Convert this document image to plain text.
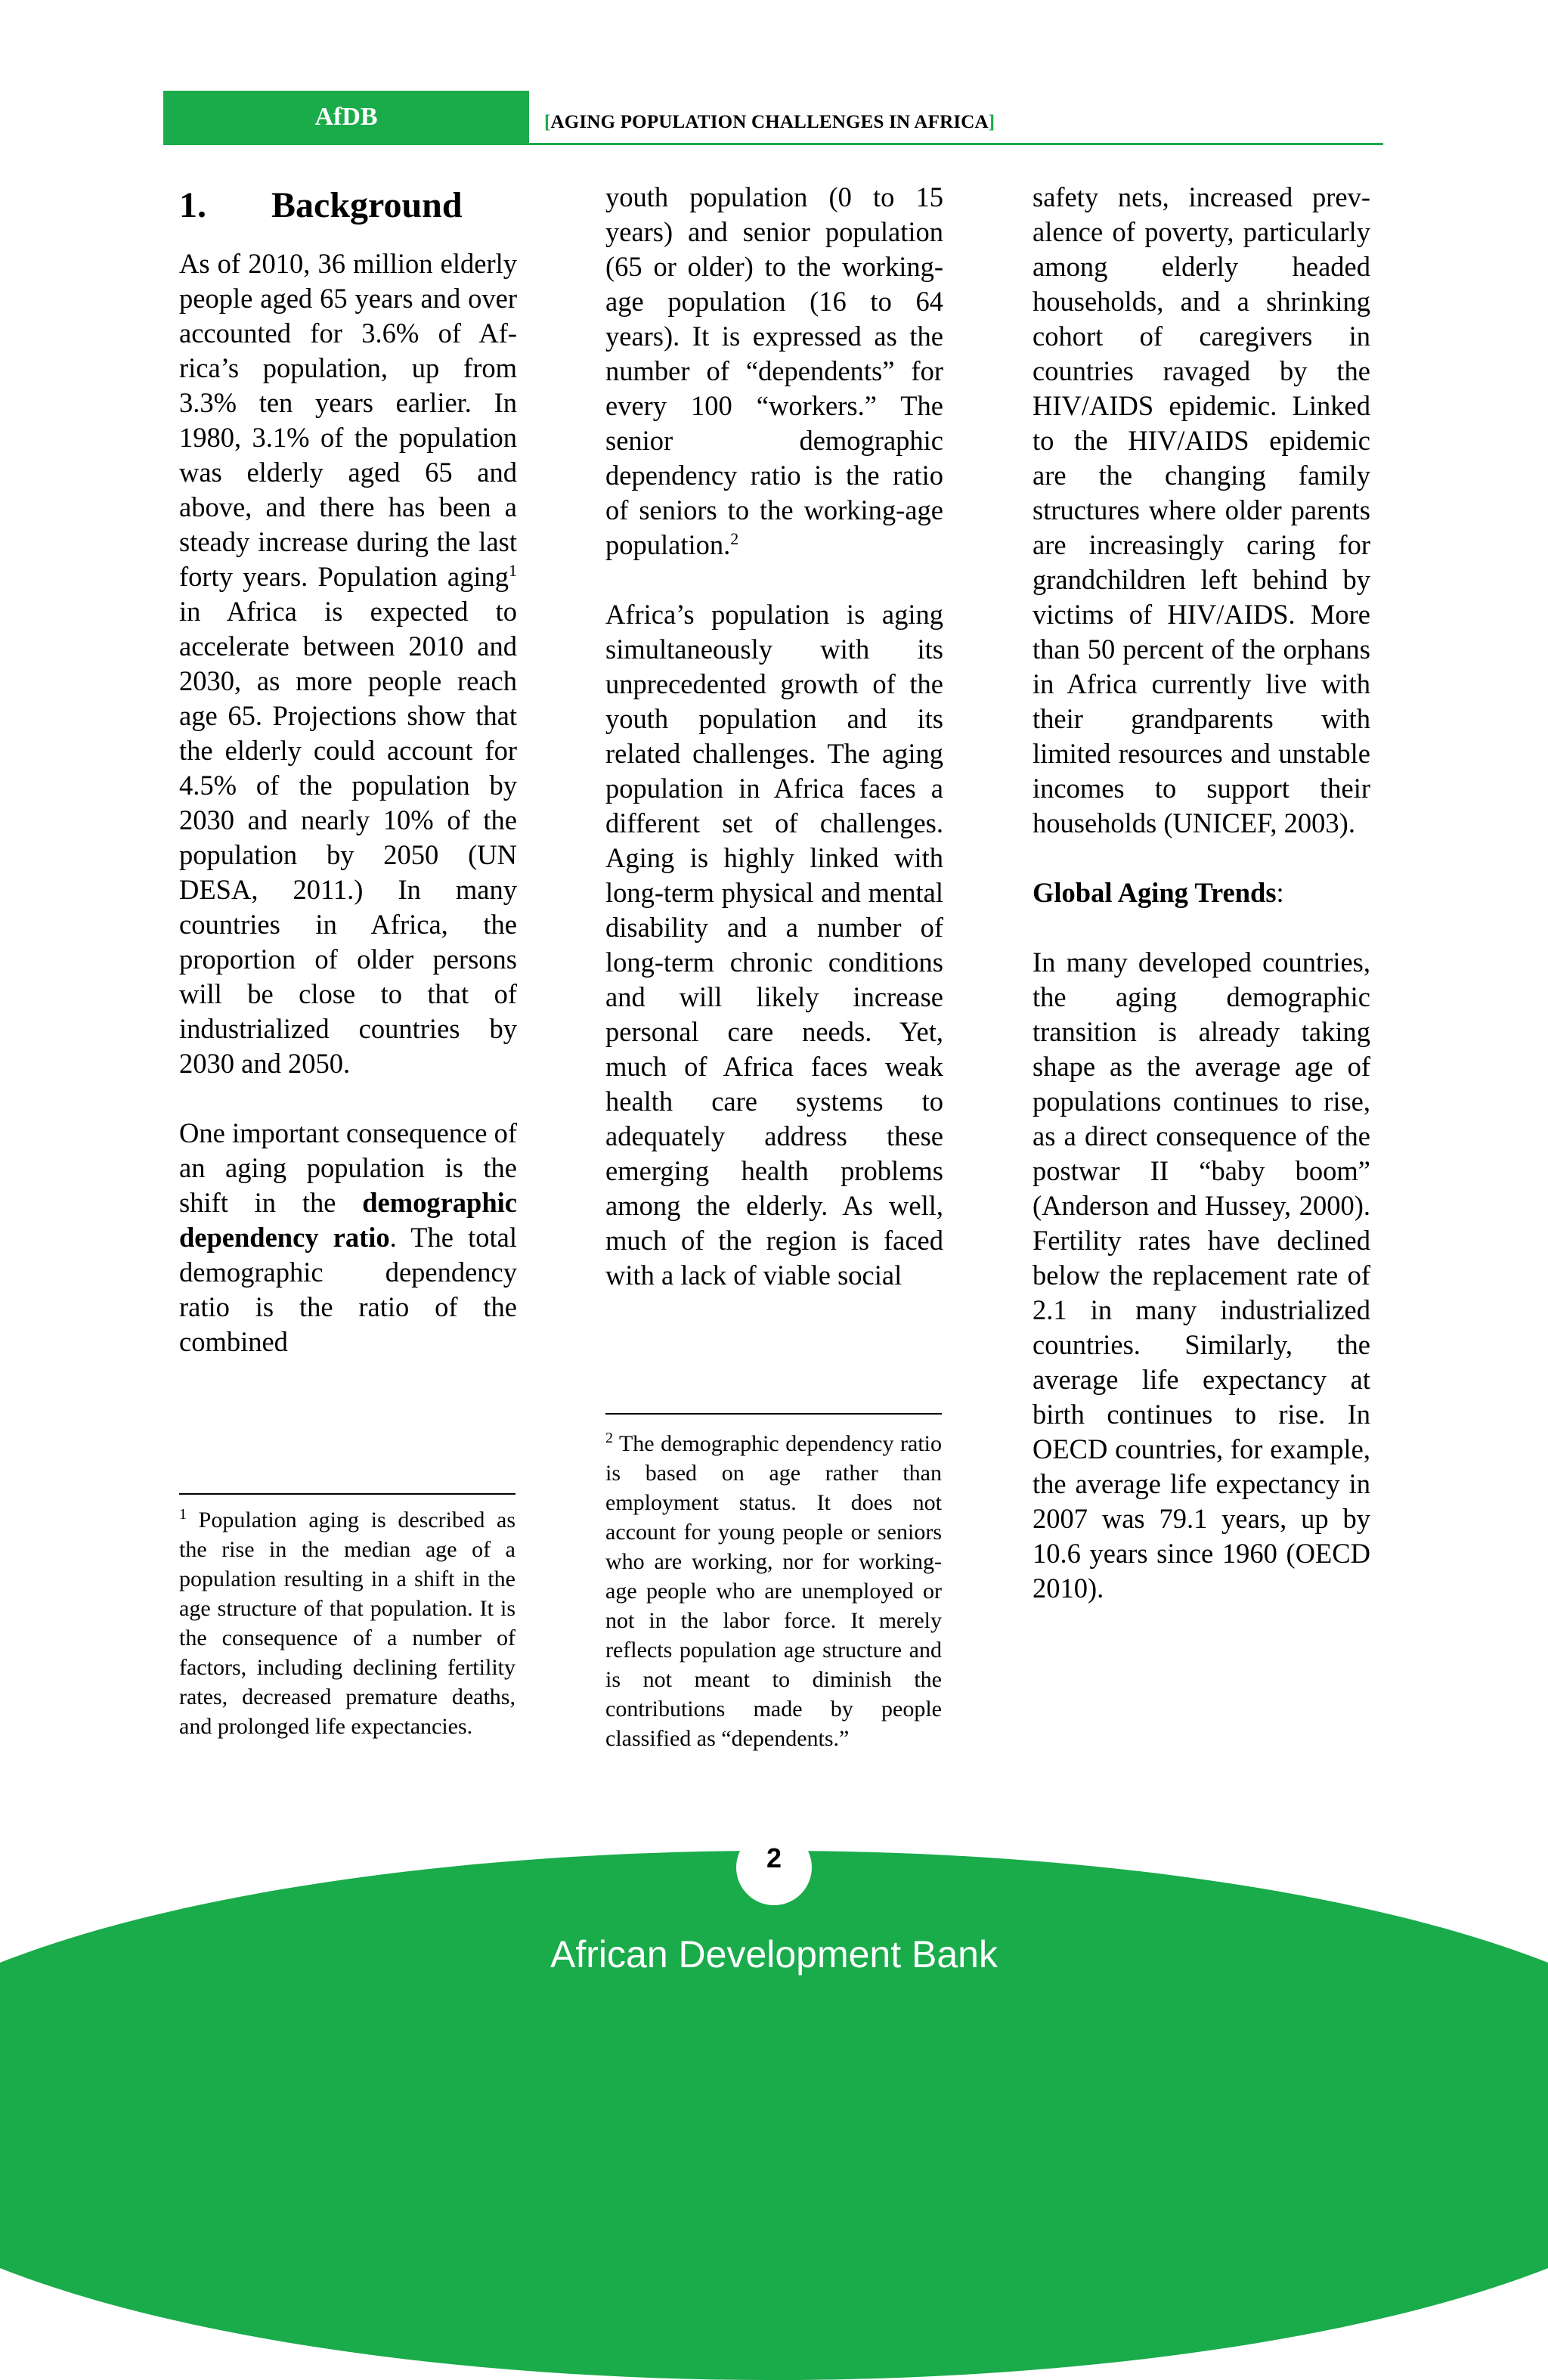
AfDB	[AGING POPULATION CHALLENGES IN AFRICA]
1. Background

As of 2010, 36 million elderly people aged 65 years and over accounted for 3.6% of Africa’s population, up from 3.3% ten years earlier. In 1980, 3.1% of the population was elderly aged 65 and above, and there has been a steady increase during the last forty years. Population aging$^1$ in Africa is expected to accelerate between 2010 and 2030, as more people reach age 65. Projections show that the elderly could account for 4.5% of the population by 2030 and nearly 10% of the population by 2050 (UN DESA, 2011.) In many countries in Africa, the proportion of older persons will be close to that of industrialized countries by 2030 and 2050.

One important consequence of an aging population is the shift in the demographic dependency ratio. The total demographic dependency ratio is the ratio of the combined

youth population (0 to 15 years) and senior population (65 or older) to the working-age population (16 to 64 years). It is expressed as the number of “dependents” for every 100 “workers.” The senior demographic dependency ratio is the ratio of seniors to the working-age population.$^2$

Africa’s population is aging simultaneously with its unprecedented growth of the youth population and its related challenges. The aging population in Africa faces a different set of challenges. Aging is highly linked with long-term physical and mental disability and a number of long-term chronic conditions and will likely increase personal care needs. Yet, much of Africa faces weak health care systems to adequately address these emerging health problems among the elderly. As well, much of the region is faced with a lack of viable social

safety nets, increased prevalence of poverty, particularly among elderly headed households, and a shrinking cohort of caregivers in countries ravaged by the HIV/AIDS epidemic. Linked to the HIV/AIDS epidemic are the changing family structures where older parents are increasingly caring for grandchildren left behind by victims of HIV/AIDS. More than 50 percent of the orphans in Africa currently live with their grandparents with limited resources and unstable incomes to support their households (UNICEF, 2003).

Global Aging Trends:

In many developed countries, the aging demographic transition is already taking shape as the average age of populations continues to rise, as a direct consequence of the postwar II “baby boom” (Anderson and Hussey, 2000). Fertility rates have declined below the replacement rate of 2.1 in many industrialized countries. Similarly, the average life expectancy at birth continues to rise. In OECD countries, for example, the average life expectancy in 2007 was 79.1 years, up by 10.6 years since 1960 (OECD 2010).

$^1$ Population aging is described as the rise in the median age of a population resulting in a shift in the age structure of that population. It is the consequence of a number of factors, including declining fertility rates, decreased premature deaths, and prolonged life expectancies.
$^2$ The demographic dependency ratio is based on age rather than employment status. It does not account for young people or seniors who are working, nor for working-age people who are unemployed or not in the labor force. It merely reflects population age structure and is not meant to diminish the contributions made by people classified as “dependents.”
2
African Development Bank
